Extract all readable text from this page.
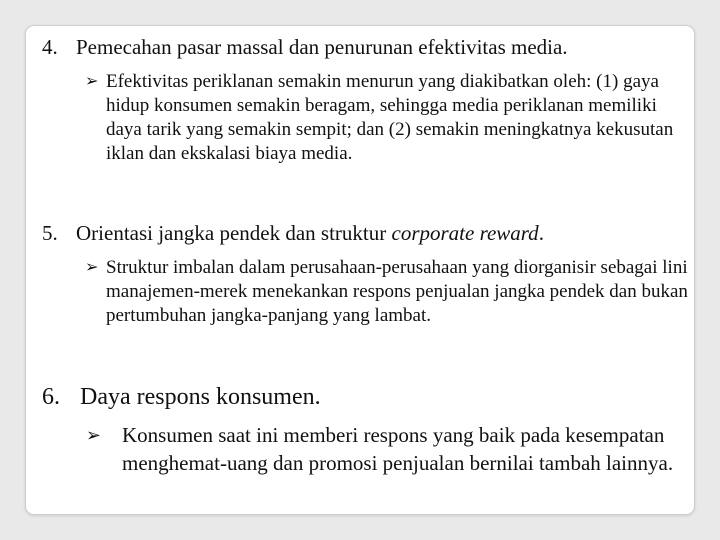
4. Pemecahan pasar massal dan penurunan efektivitas media.
➢ Efektivitas periklanan semakin menurun yang diakibatkan oleh: (1) gaya hidup konsumen semakin beragam, sehingga media periklanan memiliki daya tarik yang semakin sempit; dan (2) semakin meningkatnya kekusutan iklan dan ekskalasi biaya media.

5. Orientasi jangka pendek dan struktur corporate reward.
➢ Struktur imbalan dalam perusahaan-perusahaan yang diorganisir sebagai lini manajemen-merek menekankan respons penjualan jangka pendek dan bukan pertumbuhan jangka-panjang yang lambat.

6. Daya respons konsumen.
➢	Konsumen saat ini memberi respons yang baik pada kesempatan menghemat-uang dan promosi penjualan bernilai tambah lainnya.
